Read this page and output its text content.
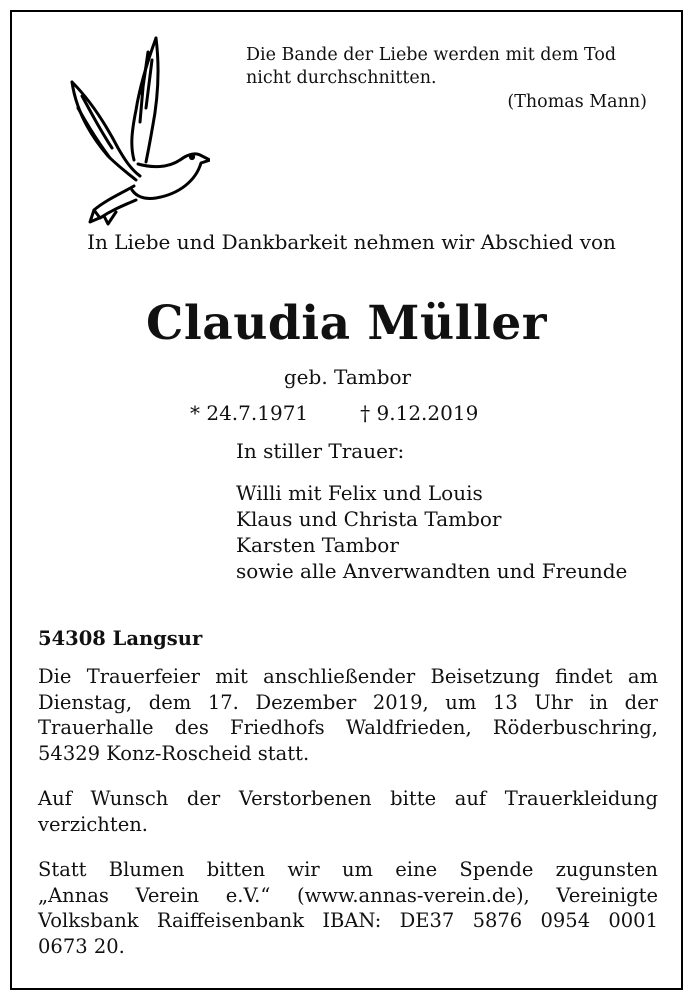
Die Bande der Liebe werden mit dem Tod
nicht durchschnitten.
(Thomas Mann)
In Liebe und Dankbarkeit nehmen wir Abschied von
Claudia Müller
geb. Tambor
* 24.7.1971	† 9.12.2019
In stiller Trauer:
Willi mit Felix und Louis
Klaus und Christa Tambor
Karsten Tambor
sowie alle Anverwandten und Freunde
54308 Langsur
Die Trauerfeier mit anschließender Beisetzung findet am
Dienstag, dem 17. Dezember 2019, um 13 Uhr in der
Trauerhalle des Friedhofs Waldfrieden, Röderbuschring,
54329 Konz-Roscheid statt.
Auf Wunsch der Verstorbenen bitte auf Trauerkleidung
verzichten.
Statt Blumen bitten wir um eine Spende zugunsten
„Annas Verein e.V.“ (www.annas-verein.de), Vereinigte
Volksbank Raiffeisenbank IBAN: DE37 5876 0954 0001
0673 20.
